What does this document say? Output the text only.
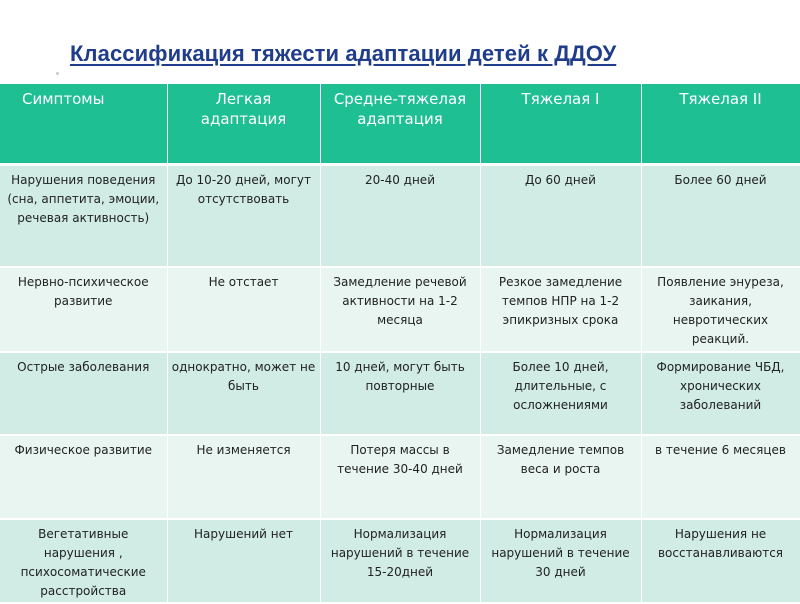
Классификация тяжести адаптации детей к ДДОУ
Симптомы	Легкая адаптация	Средне-тяжелая адаптация	Тяжелая I	Тяжелая II
Нарушения поведения (сна, аппетита, эмоции, речевая активность)	До 10-20 дней, могут отсутствовать	20-40 дней	До 60 дней	Более 60 дней
Нервно-психическое развитие	Не отстает	Замедление речевой активности на 1-2 месяца	Резкое замедление темпов НПР на 1-2 эпикризных срока	Появление энуреза, заикания, невротических реакций.
Острые заболевания	однократно, может не быть	10 дней, могут быть повторные	Более 10 дней, длительные, с осложнениями	Формирование ЧБД, хронических заболеваний
Физическое развитие	Не изменяется	Потеря массы в течение 30-40 дней	Замедление темпов веса и роста	в течение 6 месяцев
Вегетативные нарушения , психосоматические расстройства	Нарушений нет	Нормализация нарушений в течение 15-20дней	Нормализация нарушений в течение 30 дней	Нарушения не восстанавливаются
